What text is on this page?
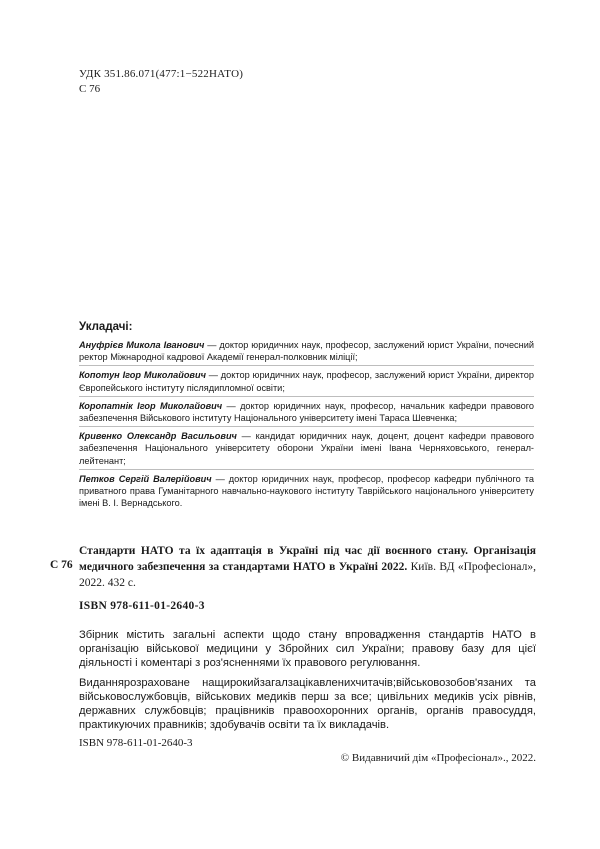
УДК 351.86.071(477:1−522НАТО)
С 76
Укладачі:
Ануфрієв Микола Іванович — доктор юридичних наук, професор, заслужений юрист України, почесний ректор Міжнародної кадрової Академії генерал-полковник міліції;
Копотун Ігор Миколайович — доктор юридичних наук, професор, заслужений юрист України, директор Європейського інституту післядипломної освіти;
Коропатнік Ігор Миколайович — доктор юридичних наук, професор, начальник кафедри правового забезпечення Військового інституту Національного університету імені Тараса Шевченка;
Кривенко Олександр Васильович — кандидат юридичних наук, доцент, доцент кафедри правового забезпечення Національного університету оборони України імені Івана Черняховського, генерал-лейтенант;
Петков Сергій Валерійович — доктор юридичних наук, професор, професор кафедри публічного та приватного права Гуманітарного навчально-наукового інституту Таврійського національного університету імені В. І. Вернадського.
С 76
Стандарти НАТО та їх адаптація в Україні під час дії воєнного стану. Організація медичного забезпечення за стандартами НАТО в Україні 2022. Київ. ВД «Професіонал», 2022. 432 с.
ISBN 978-611-01-2640-3

Збірник містить загальні аспекти щодо стану впровадження стандартів НАТО в організацію військової медицини у Збройних сил України; правову базу для цієї діяльності і коментарі з роз'ясненнями їх правового регулювання.

Виданнярозраховане нащирокийзагалзацікавленихчитачів;військовозобов'язаних та військовослужбовців, військових медиків перш за все; цивільних медиків усіх рівнів, державних службовців; працівників правоохоронних органів, органів правосуддя, практикуючих правників; здобувачів освіти та їх викладачів.

ISBN 978-611-01-2640-3
© Видавничий дім «Професіонал»., 2022.
